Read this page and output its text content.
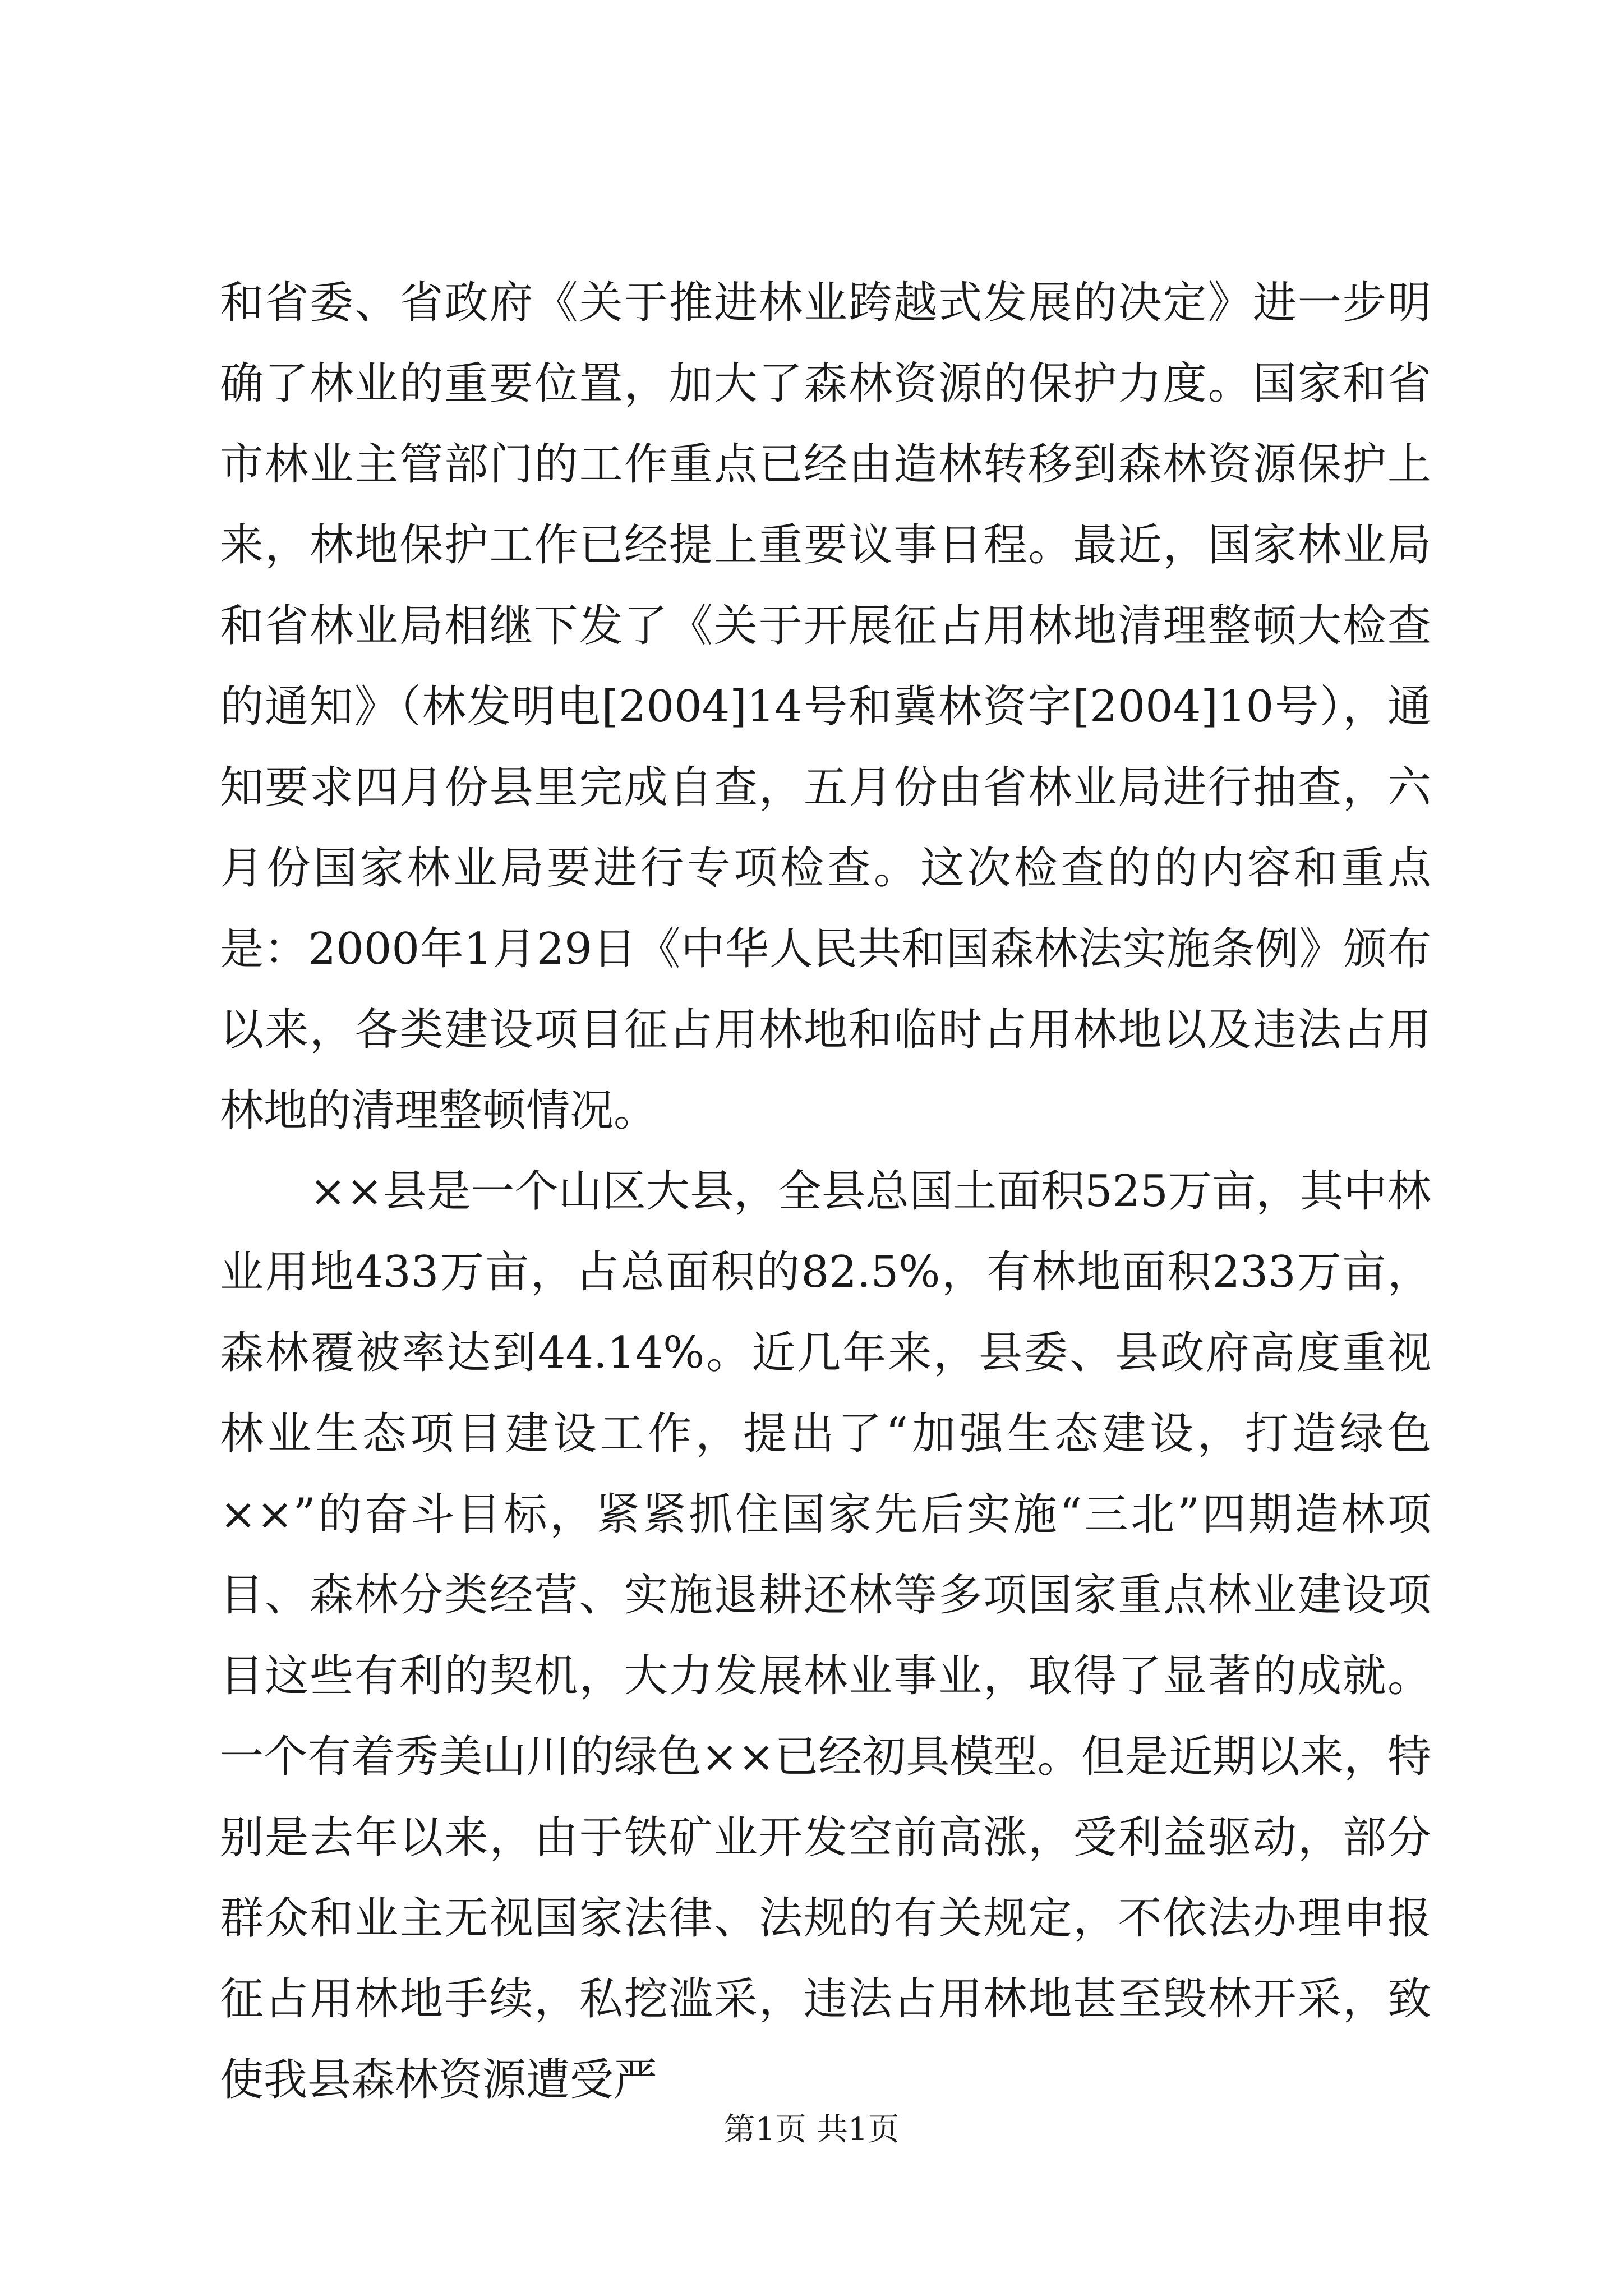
和省委、省政府《关于推进林业跨越式发展的决定》进一步明确了林业的重要位置，加大了森林资源的保护力度。国家和省市林业主管部门的工作重点已经由造林转移到森林资源保护上来，林地保护工作已经提上重要议事日程。最近，国家林业局和省林业局相继下发了《关于开展征占用林地清理整顿大检查的通知》（林发明电[2004]14号和冀林资字[2004]10号），通知要求四月份县里完成自查，五月份由省林业局进行抽查，六月份国家林业局要进行专项检查。这次检查的的内容和重点是：2000年1月29日《中华人民共和国森林法实施条例》颁布以来，各类建设项目征占用林地和临时占用林地以及违法占用林地的清理整顿情况。

××县是一个山区大县，全县总国土面积525万亩，其中林业用地433万亩，占总面积的82.5%，有林地面积233万亩，森林覆被率达到44.14%。近几年来，县委、县政府高度重视林业生态项目建设工作，提出了“加强生态建设，打造绿色××”的奋斗目标，紧紧抓住国家先后实施“三北”四期造林项目、森林分类经营、实施退耕还林等多项国家重点林业建设项目这些有利的契机，大力发展林业事业，取得了显著的成就。一个有着秀美山川的绿色××已经初具模型。但是近期以来，特别是去年以来，由于铁矿业开发空前高涨，受利益驱动，部分群众和业主无视国家法律、法规的有关规定，不依法办理申报征占用林地手续，私挖滥采，违法占用林地甚至毁林开采，致使我县森林资源遭受严

第1页 共1页
